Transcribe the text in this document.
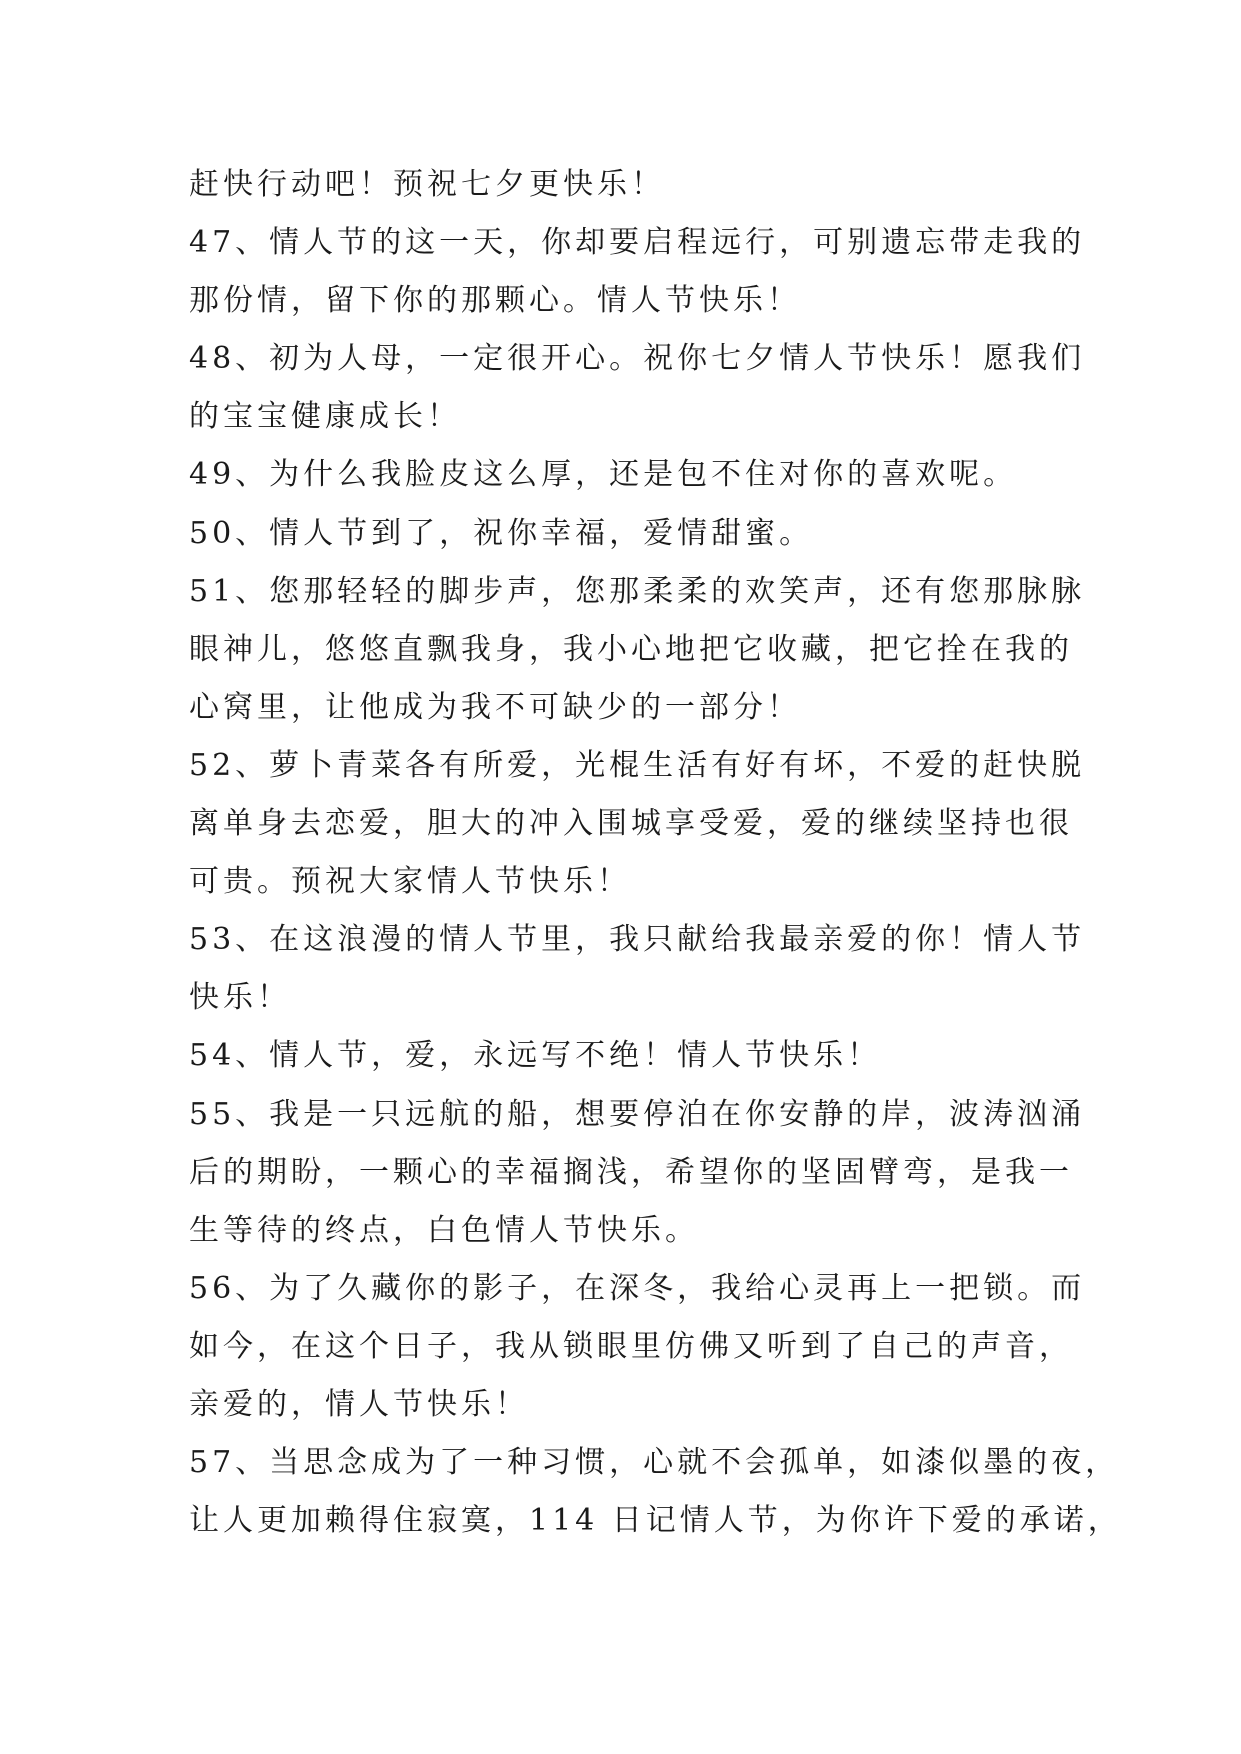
赶快行动吧！预祝七夕更快乐！
47、情人节的这一天，你却要启程远行，可别遗忘带走我的
那份情，留下你的那颗心。情人节快乐！
48、初为人母，一定很开心。祝你七夕情人节快乐！愿我们
的宝宝健康成长！
49、为什么我脸皮这么厚，还是包不住对你的喜欢呢。
50、情人节到了，祝你幸福，爱情甜蜜。
51、您那轻轻的脚步声，您那柔柔的欢笑声，还有您那脉脉
眼神儿，悠悠直飘我身，我小心地把它收藏，把它拴在我的
心窝里，让他成为我不可缺少的一部分！
52、萝卜青菜各有所爱，光棍生活有好有坏，不爱的赶快脱
离单身去恋爱，胆大的冲入围城享受爱，爱的继续坚持也很
可贵。预祝大家情人节快乐！
53、在这浪漫的情人节里，我只献给我最亲爱的你！情人节
快乐！
54、情人节，爱，永远写不绝！情人节快乐！
55、我是一只远航的船，想要停泊在你安静的岸，波涛汹涌
后的期盼，一颗心的幸福搁浅，希望你的坚固臂弯，是我一
生等待的终点，白色情人节快乐。
56、为了久藏你的影子，在深冬，我给心灵再上一把锁。而
如今，在这个日子，我从锁眼里仿佛又听到了自己的声音，
亲爱的，情人节快乐！
57、当思念成为了一种习惯，心就不会孤单，如漆似墨的夜，
让人更加赖得住寂寞，114 日记情人节，为你许下爱的承诺，
